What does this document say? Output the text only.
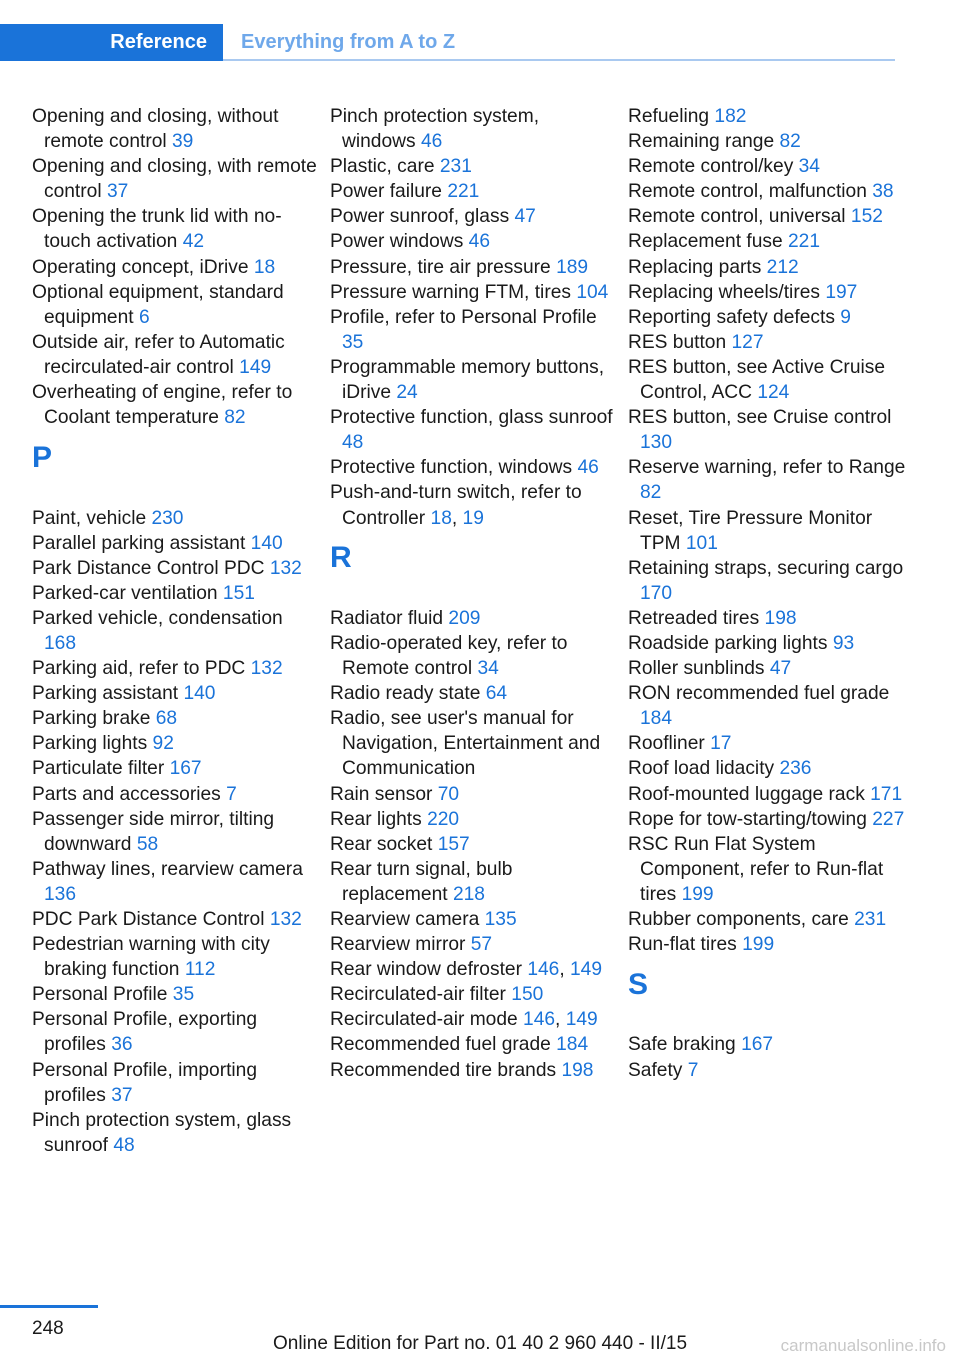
Reference	Everything from A to Z
Opening and closing, without remote control 39
Opening and closing, with remote control 37
Opening the trunk lid with no-touch activation 42
Operating concept, iDrive 18
Optional equipment, standard equipment 6
Outside air, refer to Automatic recirculated-air control 149
Overheating of engine, refer to Coolant temperature 82
P
Paint, vehicle 230
Parallel parking assistant 140
Park Distance Control PDC 132
Parked-car ventilation 151
Parked vehicle, condensation 168
Parking aid, refer to PDC 132
Parking assistant 140
Parking brake 68
Parking lights 92
Particulate filter 167
Parts and accessories 7
Passenger side mirror, tilting downward 58
Pathway lines, rearview camera 136
PDC Park Distance Control 132
Pedestrian warning with city braking function 112
Personal Profile 35
Personal Profile, exporting profiles 36
Personal Profile, importing profiles 37
Pinch protection system, glass sunroof 48
Pinch protection system, windows 46
Plastic, care 231
Power failure 221
Power sunroof, glass 47
Power windows 46
Pressure, tire air pressure 189
Pressure warning FTM, tires 104
Profile, refer to Personal Profile 35
Programmable memory buttons, iDrive 24
Protective function, glass sunroof 48
Protective function, windows 46
Push-and-turn switch, refer to Controller 18, 19
R
Radiator fluid 209
Radio-operated key, refer to Remote control 34
Radio ready state 64
Radio, see user's manual for Navigation, Entertainment and Communication
Rain sensor 70
Rear lights 220
Rear socket 157
Rear turn signal, bulb replacement 218
Rearview camera 135
Rearview mirror 57
Rear window defroster 146, 149
Recirculated-air filter 150
Recirculated-air mode 146, 149
Recommended fuel grade 184
Recommended tire brands 198
Refueling 182
Remaining range 82
Remote control/key 34
Remote control, malfunction 38
Remote control, universal 152
Replacement fuse 221
Replacing parts 212
Replacing wheels/tires 197
Reporting safety defects 9
RES button 127
RES button, see Active Cruise Control, ACC 124
RES button, see Cruise control 130
Reserve warning, refer to Range 82
Reset, Tire Pressure Monitor TPM 101
Retaining straps, securing cargo 170
Retreaded tires 198
Roadside parking lights 93
Roller sunblinds 47
RON recommended fuel grade 184
Roofliner 17
Roof load lidacity 236
Roof-mounted luggage rack 171
Rope for tow-starting/towing 227
RSC Run Flat System Component, refer to Run-flat tires 199
Rubber components, care 231
Run-flat tires 199
S
Safe braking 167
Safety 7
248
Online Edition for Part no. 01 40 2 960 440 - II/15	carmanualsonline.info
